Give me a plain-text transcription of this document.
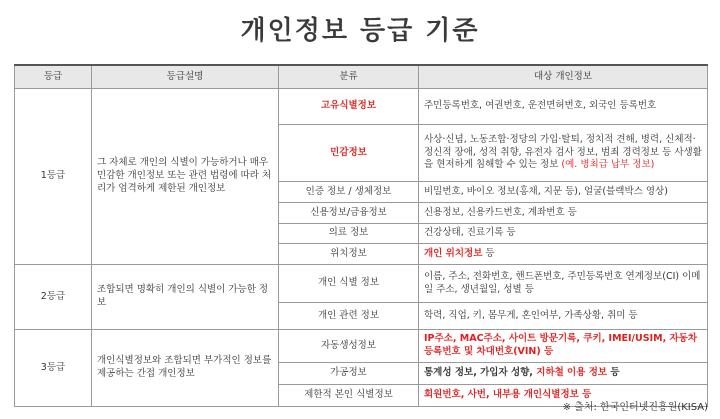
개인정보 등급 기준
등급	등급설명	분류	대상 개인정보
1등급	그 자체로 개인의 식별이 가능하거나 매우 민감한 개인정보 또는 관련 법령에 따라 처리가 엄격하게 제한된 개인정보	고유식별정보	주민등록번호, 여권번호, 운전면허번호, 외국인 등록번호
		민감정보	사상·신념, 노동조합·정당의 가입·탈퇴, 정치적 견해, 병력, 신체적·정신적 장애, 성적 취향, 유전자 검사 정보, 범죄 경력정보 등 사생활을 현저하게 침해할 수 있는 정보 (예. 병최급 납부 정보)
		인증 정보 / 생체정보	비밀번호, 바이오 정보(홍채, 지문 등), 얼굴(블랙박스 영상)
		신용정보/금융정보	신용정보, 신용카드번호, 계좌번호 등
		의료 정보	건강상태, 진료기록 등
		위치정보	개인 위치정보 등
2등급	조합되면 명확히 개인의 식별이 가능한 정보	개인 식별 정보	이름, 주소, 전화번호, 핸드폰번호, 주민등록번호 연계정보(CI) 이메일 주소, 생년월일, 성별 등
		개인 관련 정보	학력, 직업, 키, 몸무게, 혼인여부, 가족상황, 취미 등
3등급	개인식별정보와 조합되면 부가적인 정보를 제공하는 간접 개인정보	자동생성정보	IP주소, MAC주소, 사이트 방문기록, 쿠키, IMEI/USIM, 자동차등록번호 및 차대번호(VIN) 등
		가공정보	통계성 정보, 가입자 성향, 지하철 이용 정보 등
		제한적 본인 식별정보	회원번호, 사번, 내부용 개인식별정보 등
※ 출처: 한국인터넷진흥원(KISA)
